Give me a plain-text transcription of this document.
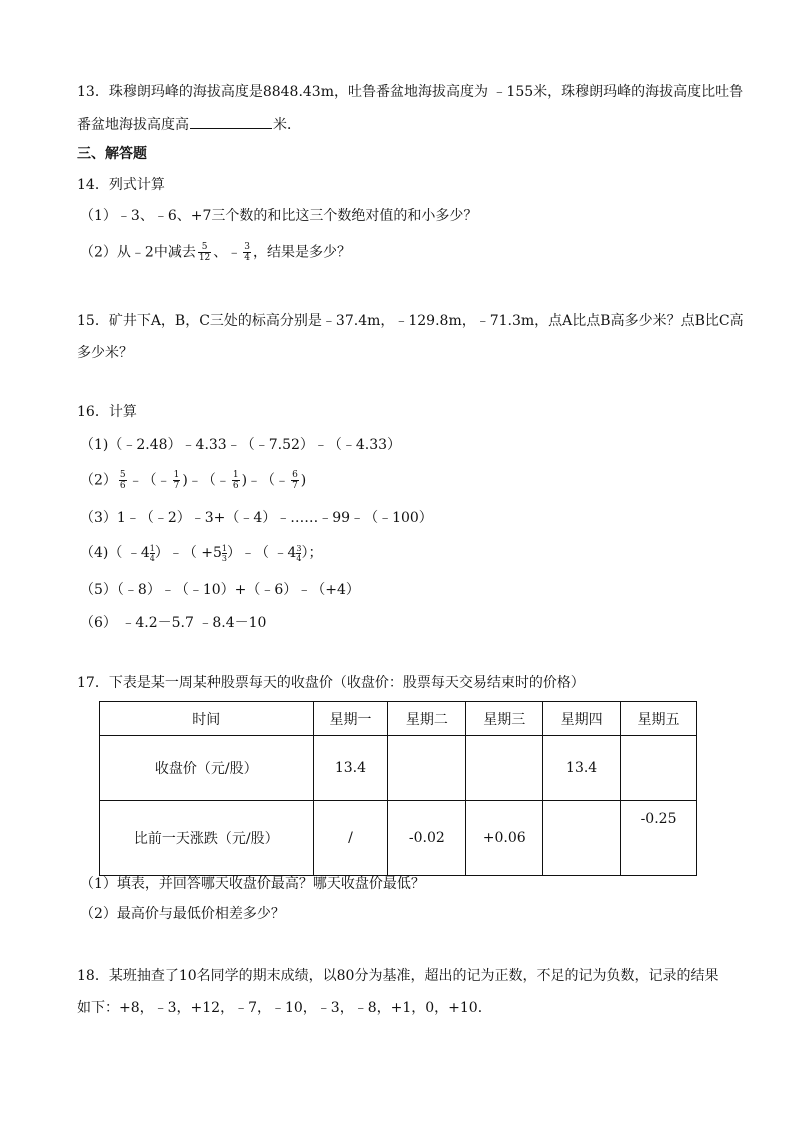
13．珠穆朗玛峰的海拔高度是8848.43m，吐鲁番盆地海拔高度为 ﹣155米，珠穆朗玛峰的海拔高度比吐鲁
番盆地海拔高度高	米．
三、解答题
14．列式计算
（1）﹣3、﹣6、+7三个数的和比这三个数绝对值的和小多少？
（2）从﹣2中减去 $\frac{5}{12}$ 、﹣ $\frac{3}{4}$ ，结果是多少？
15．矿井下A，B，C三处的标高分别是﹣37.4m，﹣129.8m，﹣71.3m，点A比点B高多少米？点B比C高
多少米？
16．计算
（1)（﹣2.48）﹣4.33﹣（﹣7.52）﹣（﹣4.33）
$(2) \frac{5}{6}$ ﹣（﹣ $\frac{1}{7}$ )﹣（﹣ $\frac{1}{6}$ )﹣（﹣ $\frac{6}{7}$ )
（3）1﹣（﹣2）﹣3+（﹣4）﹣……﹣99﹣（﹣100）
（4)（ ﹣4 $\frac{1}{4}$ ）﹣（ $+5 \frac{1}{3}$ ）﹣（ ﹣4 $\frac{3}{4}$ ）；
（5）（﹣8）﹣（﹣10）+（﹣6）﹣（+4）
（6） ﹣4.2－5.7 ﹣8.4－10
17．下表是某一周某种股票每天的收盘价（收盘价：股票每天交易结束时的价格）
时间	星期一	星期二	星期三	星期四	星期五
收盘价（元/股）	13.4			13.4	
比前一天涨跌（元/股）	/	-0.02	+0.06		-0.25
（1）填表，并回答哪天收盘价最高？哪天收盘价最低？
（2）最高价与最低价相差多少？
18．某班抽查了10名同学的期末成绩，以80分为基准，超出的记为正数，不足的记为负数，记录的结果
如下：+8，﹣3，+12，﹣7，﹣10，﹣3，﹣8，+1，0，+10．
